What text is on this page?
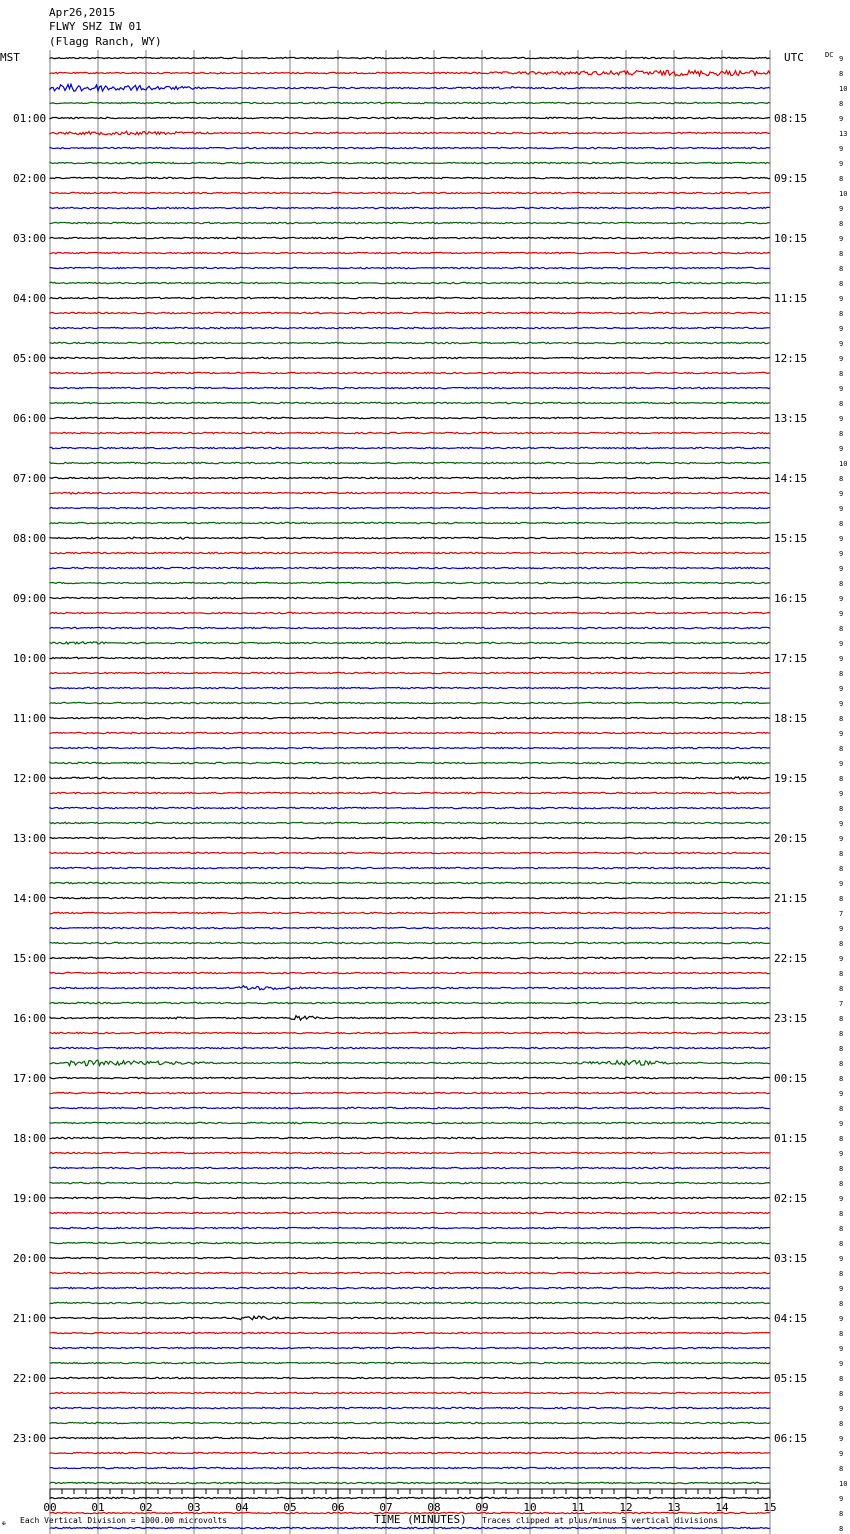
Apr26,2015
FLWY SHZ IW 01
(Flagg Ranch, WY)
MST	UTC	DC
01:00
02:00
03:00
04:00
05:00
06:00
07:00
08:00
09:00
10:00
11:00
12:00
13:00
14:00
15:00
16:00
17:00
18:00
19:00
20:00
21:00
22:00
23:00
08:15
09:15
10:15
11:15
12:15
13:15
14:15
15:15
16:15
17:15
18:15
19:15
20:15
21:15
22:15
23:15
00:15
01:15
02:15
03:15
04:15
05:15
06:15
9
8
10
8
9
13
9
9
8
10
9
8
9
8
8
8
9
8
9
9
9
8
9
8
9
8
9
10
8
9
9
8
9
9
9
8
9
9
8
9
9
8
9
9
8
9
8
9
8
9
8
9
9
8
8
9
8
7
9
8
9
8
8
7
8
8
8
8
8
9
8
9
8
9
8
8
9
8
8
8
9
8
9
8
9
8
9
9
8
8
9
8
9
9
8
10
9
8
8
00	01	02	03	04	05	06	07	08	09	10	11	12	13	14	15
✠ Each Vertical Division = 1000.00 microvolts	TIME (MINUTES) Traces clipped at plus/minus 5 vertical divisions
